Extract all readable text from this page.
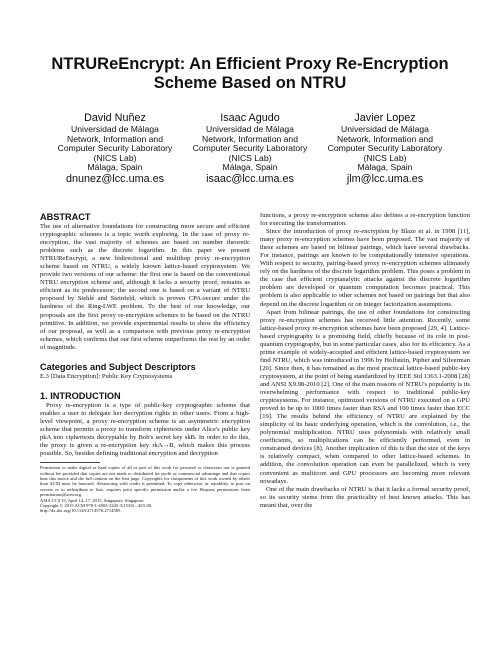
NTRUReEncrypt: An Efficient Proxy Re-Encryption Scheme Based on NTRU
David Nuñez
Universidad de Málaga
Network, Information and
Computer Security Laboratory
(NICS Lab)
Málaga, Spain
dnunez@lcc.uma.es
Isaac Agudo
Universidad de Málaga
Network, Information and
Computer Security Laboratory
(NICS Lab)
Málaga, Spain
isaac@lcc.uma.es
Javier Lopez
Universidad de Málaga
Network, Information and
Computer Security Laboratory
(NICS Lab)
Málaga, Spain
jlm@lcc.uma.es
ABSTRACT

The use of alternative foundations for constructing more secure and efficient cryptographic schemes is a topic worth exploring. In the case of proxy re-encryption, the vast majority of schemes are based on number theoretic problems such as the discrete logarithm. In this paper we present NTRUReEncrypt, a new bidirectional and multihop proxy re-encryption scheme based on NTRU, a widely known lattice-based cryptosystem. We provide two versions of our scheme: the first one is based on the conventional NTRU encryption scheme and, although it lacks a security proof, remains as efficient as its predecessor; the second one is based on a variant of NTRU proposed by Stehlé and Steinfeld, which is proven CPA-secure under the hardness of the Ring-LWE problem. To the best of our knowledge, our proposals are the first proxy re-encryption schemes to be based on the NTRU primitive. In addition, we provide experimental results to show the efficiency of our proposal, as well as a comparison with previous proxy re-encryption schemes, which confirms that our first scheme outperforms the rest by an order of magnitude.

Categories and Subject Descriptors

E.3 [Data Encryption]: Public Key Cryptosystems

1. INTRODUCTION

Proxy re-encryption is a type of public-key cryptographic scheme that enables a user to delegate her decryption rights to other users. From a high-level viewpoint, a proxy re-encryption scheme is an asymmetric encryption scheme that permits a proxy to transform ciphertexts under Alice's public key pkA into ciphertexts decryptable by Bob's secret key skB. In order to do this, the proxy is given a re-encryption key rkA→B, which makes this process possible. So, besides defining traditional encryption and decryption

Permission to make digital or hard copies of all or part of this work for personal or classroom use is granted without fee provided that copies are not made or distributed for profit or commercial advantage and that copies bear this notice and the full citation on the first page. Copyrights for components of this work owned by others than ACM must be honored. Abstracting with credit is permitted. To copy otherwise, or republish, to post on servers or to redistribute to lists, requires prior specific permission and/or a fee. Request permissions from permissions@acm.org.
ASIA CCS'15, April 14–17, 2015, Singapore, Singapore.
Copyright © 2015 ACM 978-1-4503-3245-3/15/04 ...$15.00.
http://dx.doi.org/10.1145/2714576.2714585 .

functions, a proxy re-encryption scheme also defines a re-encryption function for executing the transformation.

Since the introduction of proxy re-encryption by Blaze et al. in 1998 [11], many proxy re-encryption schemes have been proposed. The vast majority of these schemes are based on bilinear pairings, which have several drawbacks. For instance, pairings are known to be computationally intensive operations. With respect to security, pairing-based proxy re-encryption schemes ultimately rely on the hardness of the discrete logarithm problem. This poses a problem in the case that efficient cryptanalytic attacks against the discrete logarithm problem are developed or quantum computation becomes practical. This problem is also applicable to other schemes not based on pairings but that also depend on the discrete logarithm or on integer factorization assumptions.

Apart from bilinear pairings, the use of other foundations for constructing proxy re-encryption schemes has received little attention. Recently, some lattice-based proxy re-encryption schemes have been proposed [29, 4]. Lattice-based cryptography is a promising field, chiefly because of its role in post-quantum cryptography, but in some particular cases, also for its efficiency. As a prime example of widely-accepted and efficient lattice-based cryptosystem we find NTRU, which was introduced in 1996 by Hoffstein, Pipher and Silverman [20]. Since then, it has remained as the most practical lattice-based public-key cryptosystem, at the point of being standardized by IEEE Std 1363.1-2008 [28] and ANSI X9.98-2010 [2]. One of the main reasons of NTRU's popularity is its overwhelming performance with respect to traditional public-key cryptosystems. For instance, optimized versions of NTRU executed on a GPU proved to be up to 1000 times faster than RSA and 100 times faster than ECC [19]. The results behind the efficiency of NTRU are explained by the simplicity of its basic underlying operation, which is the convolution, i.e., the polynomial multiplication. NTRU uses polynomials with relatively small coefficients, so multiplications can be efficiently performed, even in constrained devices [8]. Another implication of this is that the size of the keys is relatively compact, when compared to other lattice-based schemes. In addition, the convolution operation can even be parallelized, which is very convenient as multicore and GPU processors are becoming more relevant nowadays.

One of the main drawbacks of NTRU is that it lacks a formal security proof, so its security stems from the practicality of best known attacks. This has meant that, over the
